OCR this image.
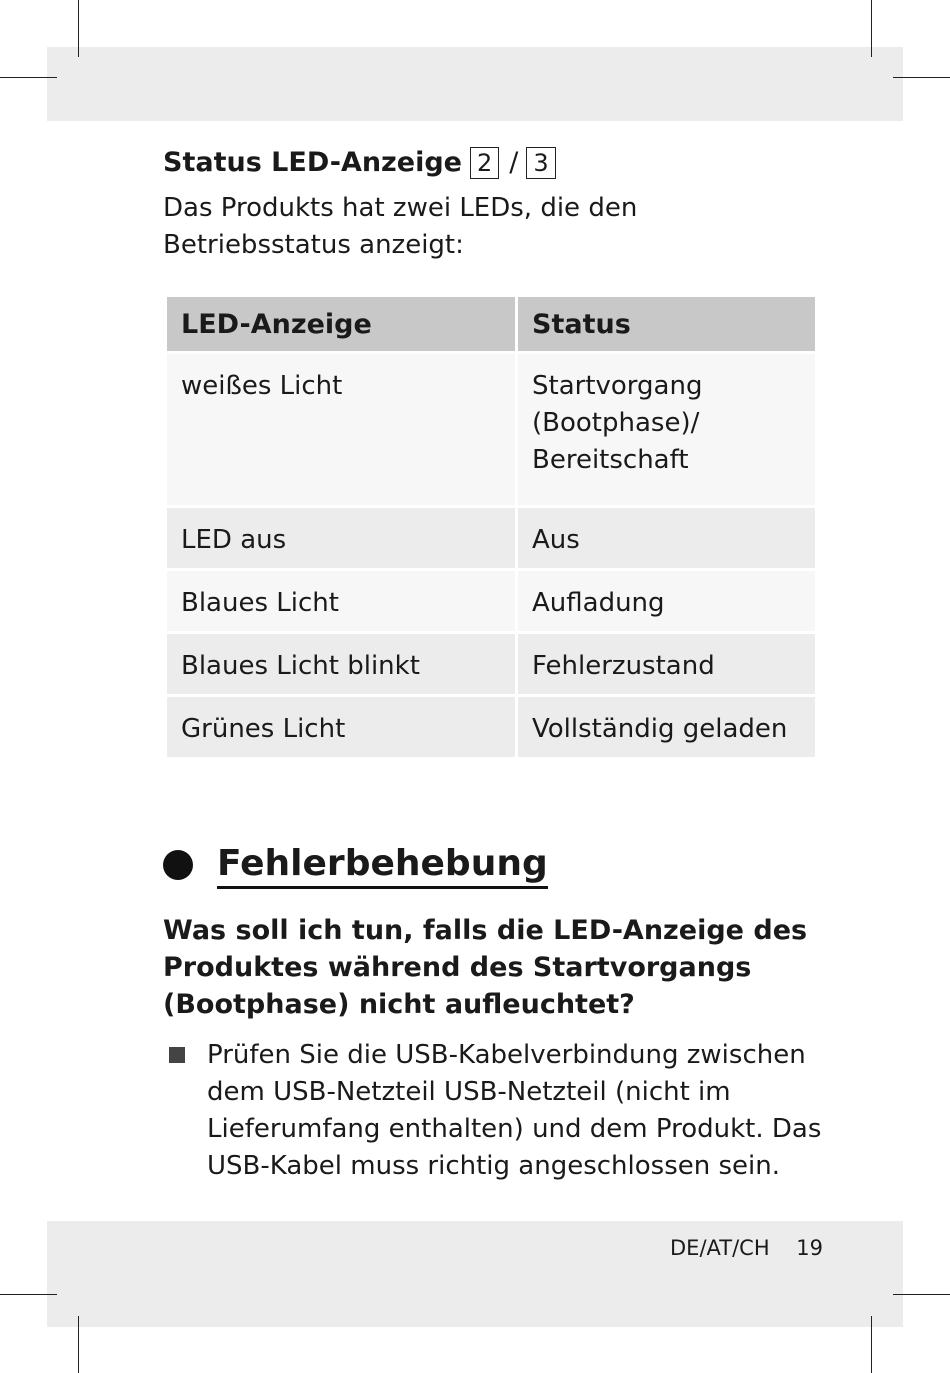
Status LED-Anzeige 2 / 3
Das Produkts hat zwei LEDs, die den Betriebsstatus anzeigt:
LED-Anzeige	Status
weißes Licht	Startvorgang (Bootphase)/ Bereitschaft
LED aus	Aus
Blaues Licht	Aufladung
Blaues Licht blinkt	Fehlerzustand
Grünes Licht	Vollständig geladen
Fehlerbehebung
Was soll ich tun, falls die LED-Anzeige des Produktes während des Startvorgangs (Bootphase) nicht aufleuchtet?
Prüfen Sie die USB-Kabelverbindung zwischen dem USB-Netzteil USB-Netzteil (nicht im Lieferumfang enthalten) und dem Produkt. Das USB-Kabel muss richtig angeschlossen sein.
DE/AT/CH 19
